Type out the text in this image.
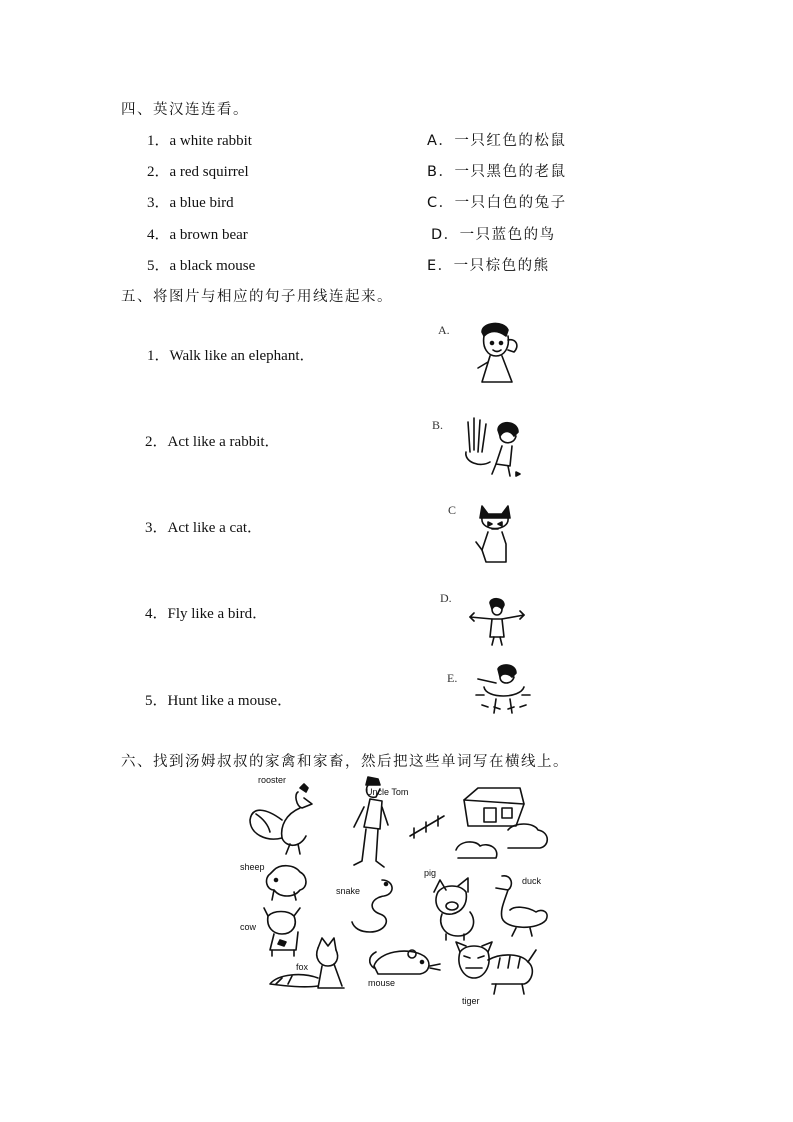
四、英汉连连看。
1．a white rabbit
2．a red squirrel
3．a blue bird
4．a brown bear
5．a black mouse
A．一只红色的松鼠
B．一只黑色的老鼠
C．一只白色的兔子
D．一只蓝色的鸟
E．一只棕色的熊
五、将图片与相应的句子用线连起来。
1．Walk like an elephant．
2．Act like a rabbit．
3．Act like a cat．
4．Fly like a bird．
5．Hunt like a mouse．
A.
B.
C
D.
E.
六、找到汤姆叔叔的家禽和家畜，然后把这些单词写在横线上。
rooster
Uncle Tom
sheep
snake
pig
duck
cow
fox
mouse
tiger
